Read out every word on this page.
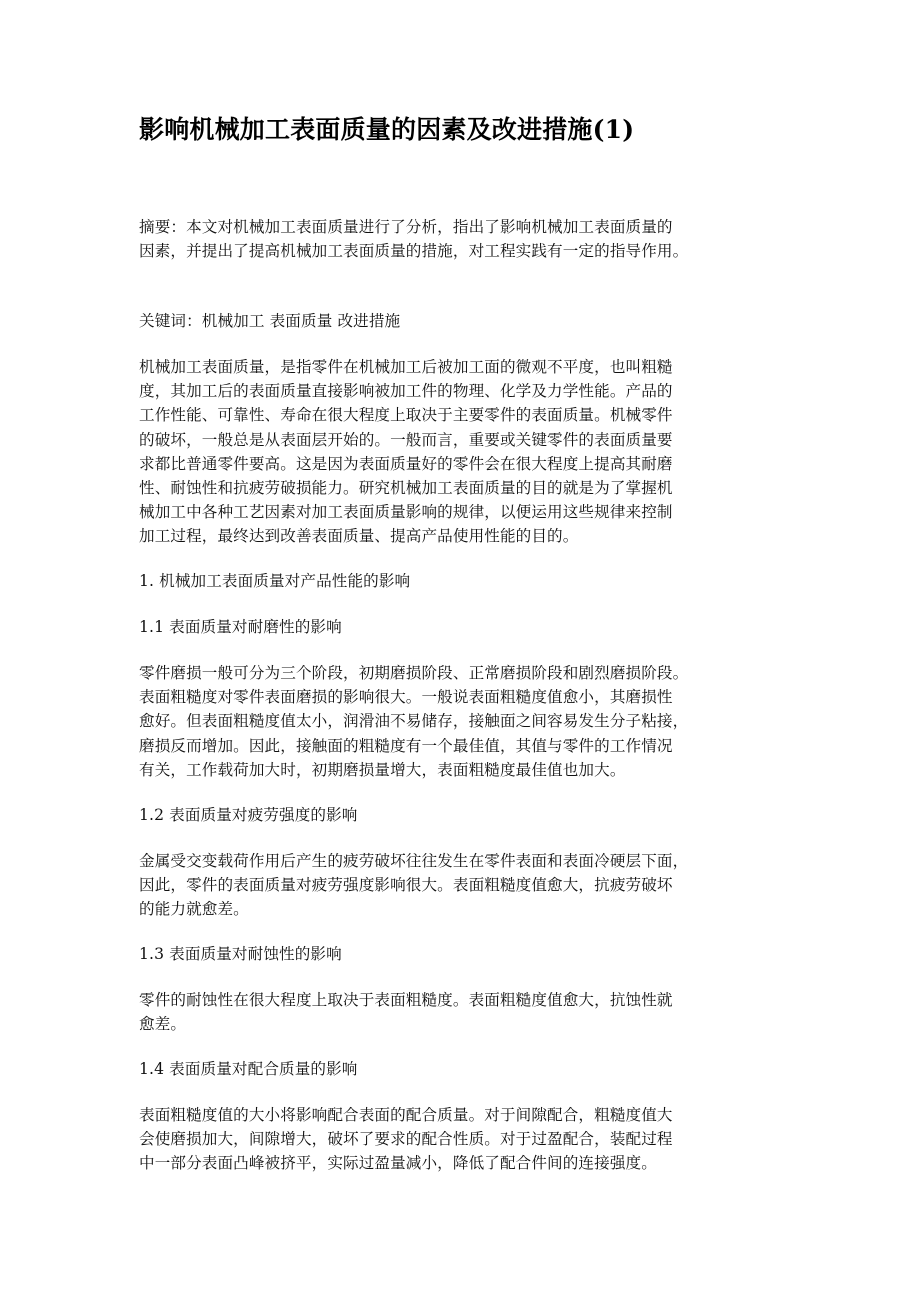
影响机械加工表面质量的因素及改进措施(1)

摘要：本文对机械加工表面质量进行了分析，指出了影响机械加工表面质量的
因素，并提出了提高机械加工表面质量的措施，对工程实践有一定的指导作用。

关键词：机械加工 表面质量 改进措施

机械加工表面质量，是指零件在机械加工后被加工面的微观不平度，也叫粗糙
度，其加工后的表面质量直接影响被加工件的物理、化学及力学性能。产品的
工作性能、可靠性、寿命在很大程度上取决于主要零件的表面质量。机械零件
的破坏，一般总是从表面层开始的。一般而言，重要或关键零件的表面质量要
求都比普通零件要高。这是因为表面质量好的零件会在很大程度上提高其耐磨
性、耐蚀性和抗疲劳破损能力。研究机械加工表面质量的目的就是为了掌握机
械加工中各种工艺因素对加工表面质量影响的规律，以便运用这些规律来控制
加工过程，最终达到改善表面质量、提高产品使用性能的目的。

1. 机械加工表面质量对产品性能的影响

1.1 表面质量对耐磨性的影响

零件磨损一般可分为三个阶段，初期磨损阶段、正常磨损阶段和剧烈磨损阶段。
表面粗糙度对零件表面磨损的影响很大。一般说表面粗糙度值愈小，其磨损性
愈好。但表面粗糙度值太小，润滑油不易储存，接触面之间容易发生分子粘接，
磨损反而增加。因此，接触面的粗糙度有一个最佳值，其值与零件的工作情况
有关，工作载荷加大时，初期磨损量增大，表面粗糙度最佳值也加大。

1.2 表面质量对疲劳强度的影响

金属受交变载荷作用后产生的疲劳破坏往往发生在零件表面和表面冷硬层下面，
因此，零件的表面质量对疲劳强度影响很大。表面粗糙度值愈大，抗疲劳破坏
的能力就愈差。

1.3 表面质量对耐蚀性的影响

零件的耐蚀性在很大程度上取决于表面粗糙度。表面粗糙度值愈大，抗蚀性就
愈差。

1.4 表面质量对配合质量的影响

表面粗糙度值的大小将影响配合表面的配合质量。对于间隙配合，粗糙度值大
会使磨损加大，间隙增大，破坏了要求的配合性质。对于过盈配合，装配过程
中一部分表面凸峰被挤平，实际过盈量减小，降低了配合件间的连接强度。
